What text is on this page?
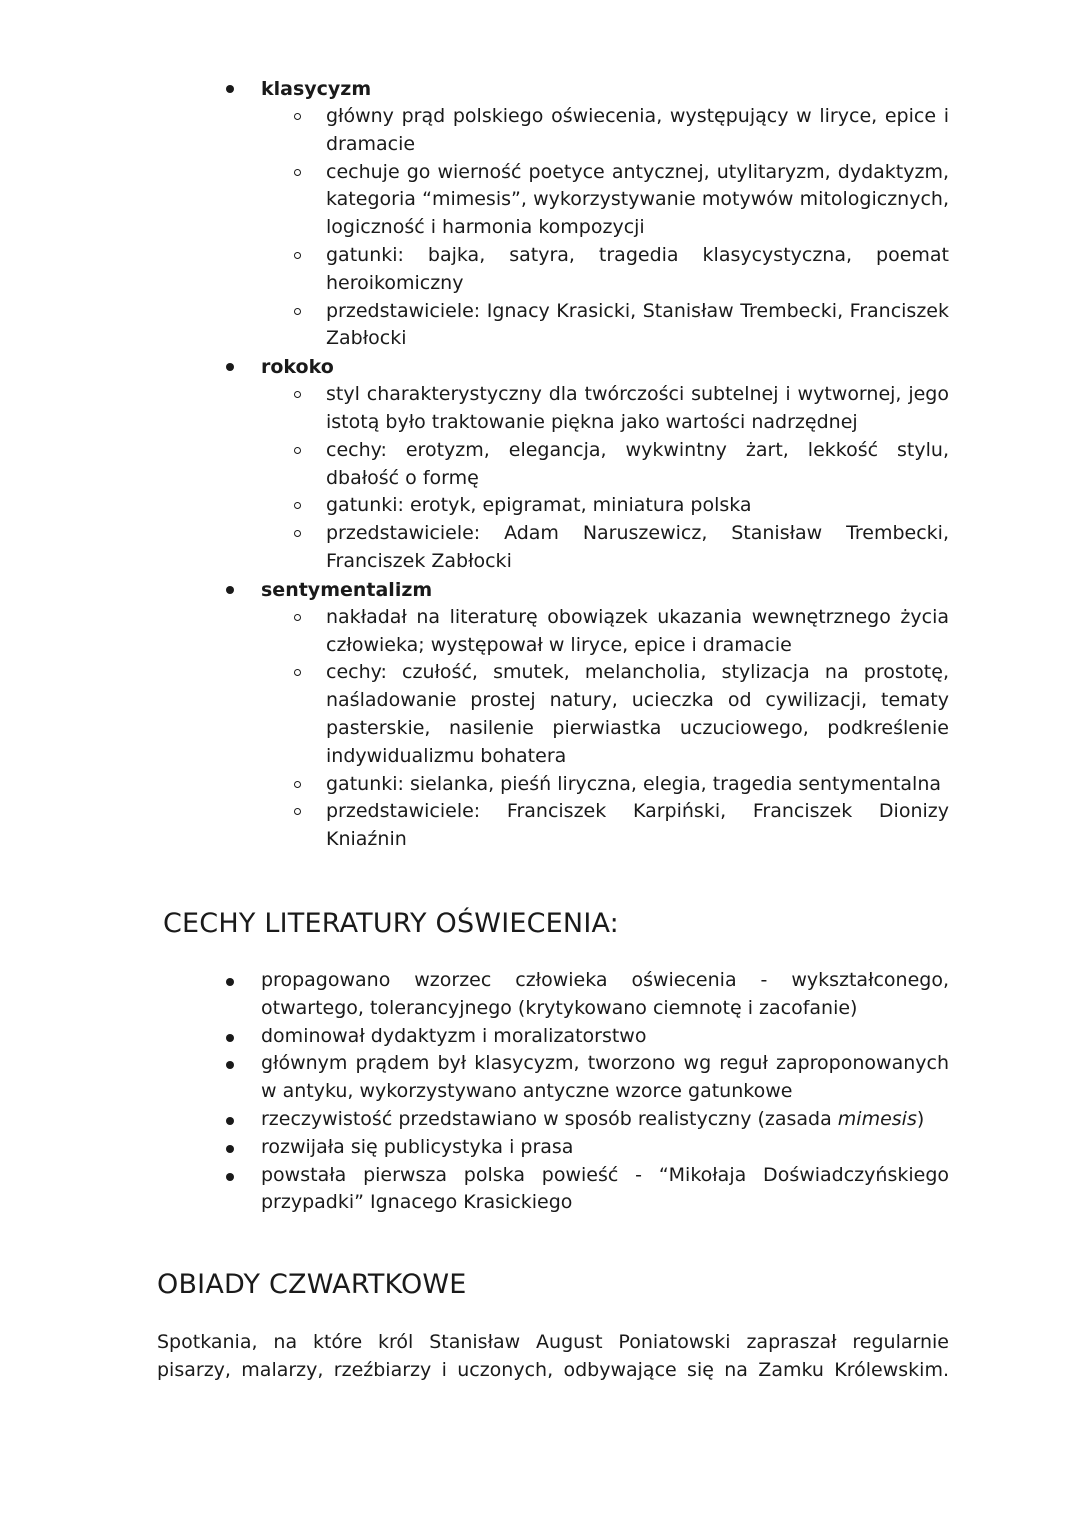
klasycyzm
główny prąd polskiego oświecenia, występujący w liryce, epice i dramacie
cechuje go wierność poetyce antycznej, utylitaryzm, dydaktyzm, kategoria “mimesis”, wykorzystywanie motywów mitologicznych, logiczność i harmonia kompozycji
gatunki: bajka, satyra, tragedia klasycystyczna, poemat heroikomiczny
przedstawiciele: Ignacy Krasicki, Stanisław Trembecki, Franciszek Zabłocki
rokoko
styl charakterystyczny dla twórczości subtelnej i wytwornej, jego istotą było traktowanie piękna jako wartości nadrzędnej
cechy: erotyzm, elegancja, wykwintny żart, lekkość stylu, dbałość o formę
gatunki: erotyk, epigramat, miniatura polska
przedstawiciele: Adam Naruszewicz, Stanisław Trembecki, Franciszek Zabłocki
sentymentalizm
nakładał na literaturę obowiązek ukazania wewnętrznego życia człowieka; występował w liryce, epice i dramacie
cechy: czułość, smutek, melancholia, stylizacja na prostotę, naśladowanie prostej natury, ucieczka od cywilizacji, tematy pasterskie, nasilenie pierwiastka uczuciowego, podkreślenie indywidualizmu bohatera
gatunki: sielanka, pieśń liryczna, elegia, tragedia sentymentalna
przedstawiciele: Franciszek Karpiński, Franciszek Dionizy Kniaźnin
CECHY LITERATURY OŚWIECENIA:
propagowano wzorzec człowieka oświecenia - wykształconego, otwartego, tolerancyjnego (krytykowano ciemnotę i zacofanie)
dominował dydaktyzm i moralizatorstwo
głównym prądem był klasycyzm, tworzono wg reguł zaproponowanych w antyku, wykorzystywano antyczne wzorce gatunkowe
rzeczywistość przedstawiano w sposób realistyczny (zasada mimesis)
rozwijała się publicystyka i prasa
powstała pierwsza polska powieść - “Mikołaja Doświadczyńskiego przypadki” Ignacego Krasickiego
OBIADY CZWARTKOWE

Spotkania, na które król Stanisław August Poniatowski zapraszał regularnie pisarzy, malarzy, rzeźbiarzy i uczonych, odbywające się na Zamku Królewskim.
